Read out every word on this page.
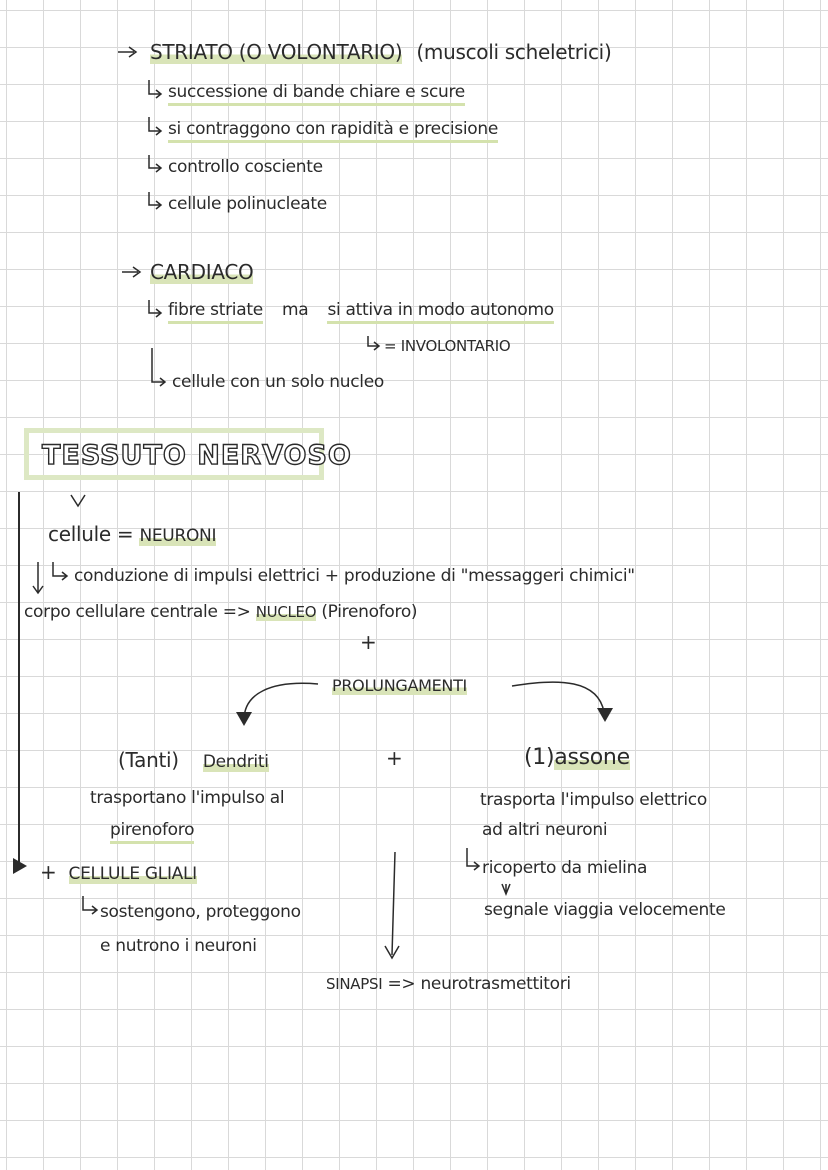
STRIATO (O VOLONTARIO) (muscoli scheletrici)
successione di bande chiare e scure
si contraggono con rapidità e precisione
controllo cosciente
cellule polinucleate
CARDIACO
fibre striate ma si attiva in modo autonomo
= INVOLONTARIO
cellule con un solo nucleo
TESSUTO NERVOSO
cellule = NEURONI
conduzione di impulsi elettrici + produzione di "messaggeri chimici"
corpo cellulare centrale => NUCLEO (Pirenoforo)
+
PROLUNGAMENTI
(Tanti) Dendriti
trasportano l'impulso al
pirenoforo
+	(1)assone
trasporta l'impulso elettrico
ad altri neuroni
ricoperto da mielina
segnale viaggia velocemente
+ CELLULE GLIALI
sostengono, proteggono
e nutrono i neuroni
SINAPSI => neurotrasmettitori
